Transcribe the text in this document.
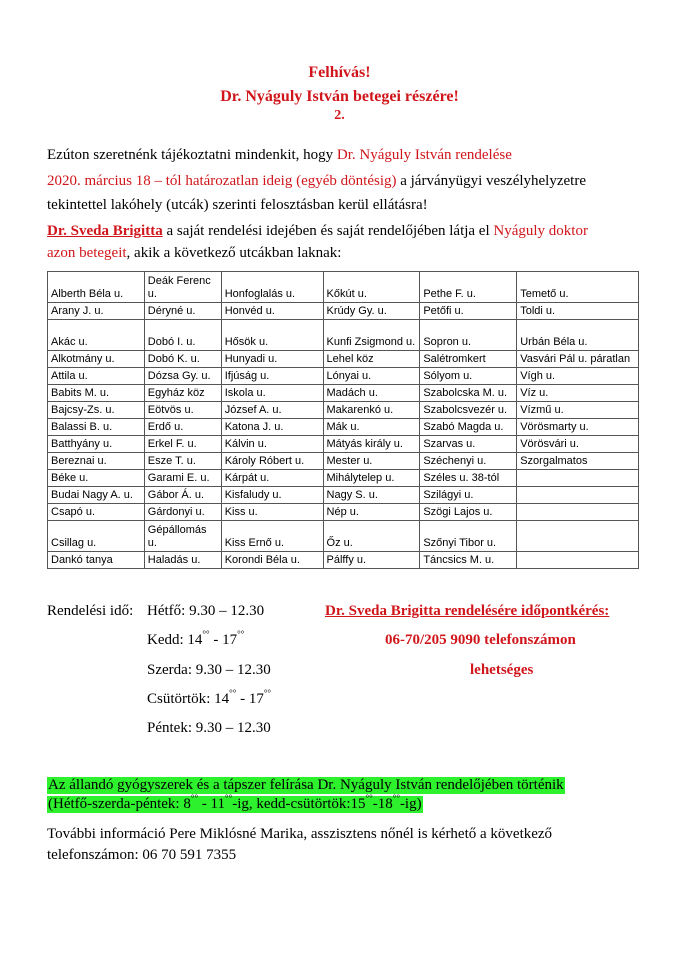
Felhívás!
Dr. Nyáguly István betegei részére!
2.
Ezúton szeretnénk tájékoztatni mindenkit, hogy Dr. Nyáguly István rendelése
2020. március 18 – tól határozatlan ideig (egyéb döntésig) a járványügyi veszélyhelyzetre
tekintettel lakóhely (utcák) szerinti felosztásban kerül ellátásra!
Dr. Sveda Brigitta a saját rendelési idejében és saját rendelőjében látja el Nyáguly doktor
azon betegeit, akik a következő utcákban laknak:
Alberth Béla u.	Deák Ferenc u.	Honfoglalás u.	Kőkút u.	Pethe F. u.	Temető u.
Arany J. u.	Déryné u.	Honvéd u.	Krúdy Gy. u.	Petőfi u.	Toldi u.
Akác u.	Dobó I. u.	Hősök u.	Kunfi Zsigmond u.	Sopron u.	Urbán Béla u.
Alkotmány u.	Dobó K. u.	Hunyadi u.	Lehel köz	Salétromkert	Vasvári Pál u. páratlan
Attila u.	Dózsa Gy. u.	Ifjúság u.	Lónyai u.	Sólyom u.	Vígh u.
Babits M. u.	Egyház köz	Iskola u.	Madách u.	Szabolcska M. u.	Víz u.
Bajcsy-Zs. u.	Eötvös u.	József A. u.	Makarenkó u.	Szabolcsvezér u.	Vízmű u.
Balassi B. u.	Erdő u.	Katona J. u.	Mák u.	Szabó Magda u.	Vörösmarty u.
Batthyány u.	Erkel F. u.	Kálvin u.	Mátyás király u.	Szarvas u.	Vörösvári u.
Bereznai u.	Esze T. u.	Károly Róbert u.	Mester u.	Széchenyi u.	Szorgalmatos
Béke u.	Garami E. u.	Kárpát u.	Mihálytelep u.	Széles u. 38-tól	
Budai Nagy A. u.	Gábor Á. u.	Kisfaludy u.	Nagy S. u.	Szilágyi u.	
Csapó u.	Gárdonyi u.	Kiss u.	Nép u.	Szögi Lajos u.	
Csillag u.	Gépállomás u.	Kiss Ernő u.	Őz u.	Szőnyi Tibor u.	
Dankó tanya	Haladás u.	Korondi Béla u.	Pálffy u.	Táncsics M. u.	
Rendelési idő: Hétfő: 9.30 – 12.30
Kedd: 14°° - 17°°
Szerda: 9.30 – 12.30
Csütörtök: 14°° - 17°°
Péntek: 9.30 – 12.30
Dr. Sveda Brigitta rendelésére időpontkérés:
06-70/205 9090 telefonszámon
lehetséges
Az állandó gyógyszerek és a tápszer felírása Dr. Nyáguly István rendelőjében történik
(Hétfő-szerda-péntek: 8°° - 11°°-ig, kedd-csütörtök:15°°-18°°-ig)
További információ Pere Miklósné Marika, asszisztens nőnél is kérhető a következő
telefonszámon: 06 70 591 7355
